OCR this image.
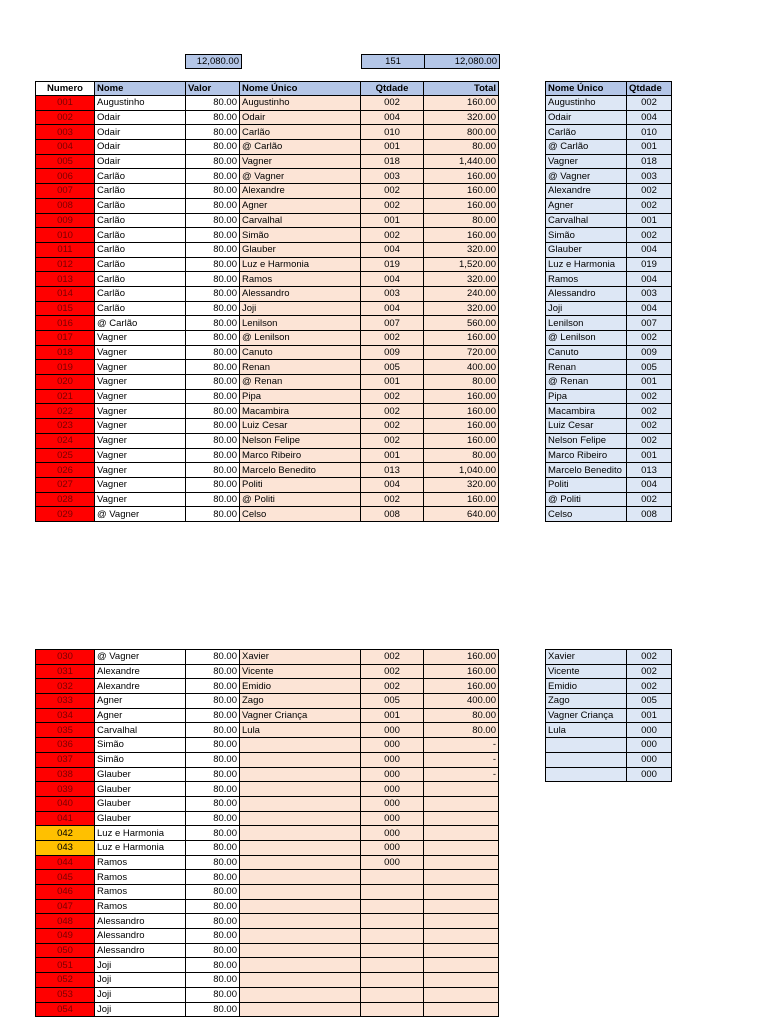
12,080.00	151	12,080.00
Numero	Nome	Valor	Nome Único	Qtdade	Total
001	Augustinho	80.00	Augustinho	002	160.00
002	Odair	80.00	Odair	004	320.00
003	Odair	80.00	Carlão	010	800.00
004	Odair	80.00	@ Carlão	001	80.00
005	Odair	80.00	Vagner	018	1,440.00
006	Carlão	80.00	@ Vagner	003	160.00
007	Carlão	80.00	Alexandre	002	160.00
008	Carlão	80.00	Agner	002	160.00
009	Carlão	80.00	Carvalhal	001	80.00
010	Carlão	80.00	Simão	002	160.00
011	Carlão	80.00	Glauber	004	320.00
012	Carlão	80.00	Luz e Harmonia	019	1,520.00
013	Carlão	80.00	Ramos	004	320.00
014	Carlão	80.00	Alessandro	003	240.00
015	Carlão	80.00	Joji	004	320.00
016	@ Carlão	80.00	Lenilson	007	560.00
017	Vagner	80.00	@ Lenilson	002	160.00
018	Vagner	80.00	Canuto	009	720.00
019	Vagner	80.00	Renan	005	400.00
020	Vagner	80.00	@ Renan	001	80.00
021	Vagner	80.00	Pipa	002	160.00
022	Vagner	80.00	Macambira	002	160.00
023	Vagner	80.00	Luiz Cesar	002	160.00
024	Vagner	80.00	Nelson Felipe	002	160.00
025	Vagner	80.00	Marco Ribeiro	001	80.00
026	Vagner	80.00	Marcelo Benedito	013	1,040.00
027	Vagner	80.00	Politi	004	320.00
028	Vagner	80.00	@ Politi	002	160.00
029	@ Vagner	80.00	Celso	008	640.00
Nome Único	Qtdade
Augustinho	002
Odair	004
Carlão	010
@ Carlão	001
Vagner	018
@ Vagner	003
Alexandre	002
Agner	002
Carvalhal	001
Simão	002
Glauber	004
Luz e Harmonia	019
Ramos	004
Alessandro	003
Joji	004
Lenilson	007
@ Lenilson	002
Canuto	009
Renan	005
@ Renan	001
Pipa	002
Macambira	002
Luiz Cesar	002
Nelson Felipe	002
Marco Ribeiro	001
Marcelo Benedito	013
Politi	004
@ Politi	002
Celso	008
030	@ Vagner	80.00	Xavier	002	160.00
031	Alexandre	80.00	Vicente	002	160.00
032	Alexandre	80.00	Emidio	002	160.00
033	Agner	80.00	Zago	005	400.00
034	Agner	80.00	Vagner Criança	001	80.00
035	Carvalhal	80.00	Lula	000	80.00
036	Simão	80.00		000	-
037	Simão	80.00		000	-
038	Glauber	80.00		000	-
039	Glauber	80.00		000	
040	Glauber	80.00		000	
041	Glauber	80.00		000	
042	Luz e Harmonia	80.00		000	
043	Luz e Harmonia	80.00		000	
044	Ramos	80.00		000	
045	Ramos	80.00			
046	Ramos	80.00			
047	Ramos	80.00			
048	Alessandro	80.00			
049	Alessandro	80.00			
050	Alessandro	80.00			
051	Joji	80.00			
052	Joji	80.00			
053	Joji	80.00			
054	Joji	80.00			
Xavier	002
Vicente	002
Emidio	002
Zago	005
Vagner Criança	001
Lula	000
	000
	000
	000
